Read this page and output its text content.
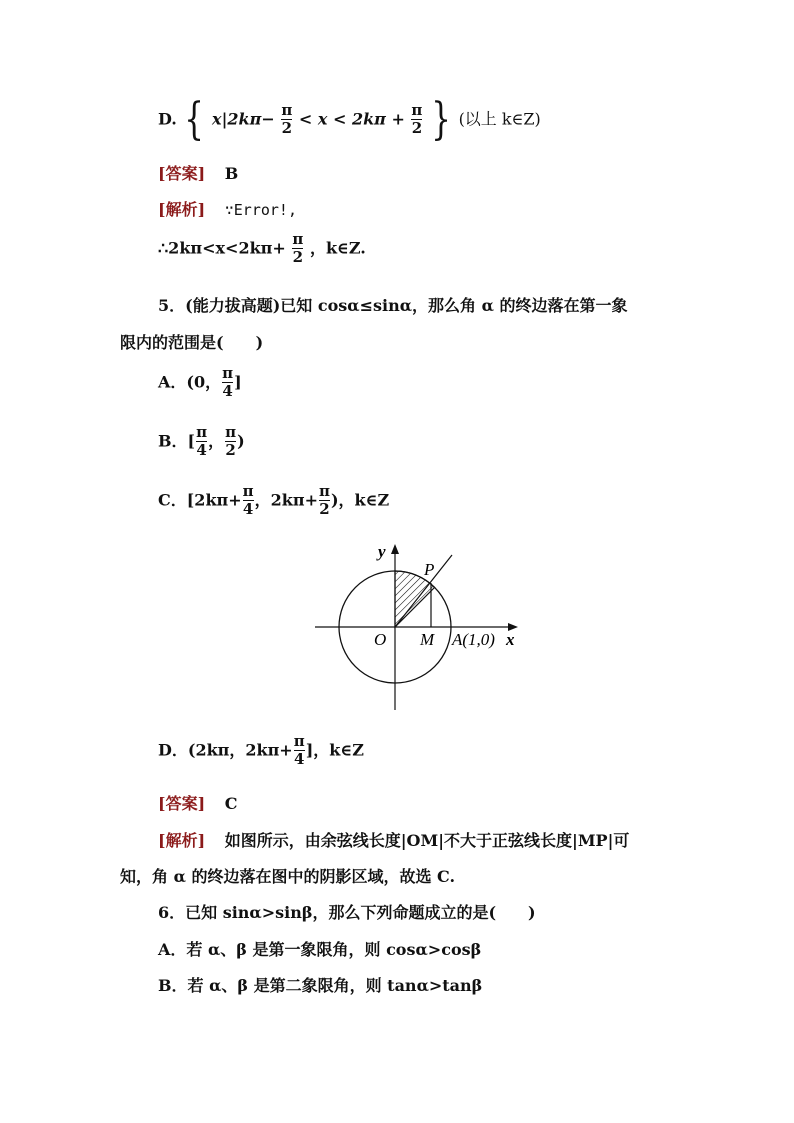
D. { $x|2k\pi- \frac{\pi}{2} < x < 2k\pi + \frac{\pi}{2}$ } (以上 k∈Z)
[答案] B
[解析] ∵Error!,
∴2kπ<x<2kπ+ $\frac{\pi}{2}$ ，k∈Z.
5．(能力拔高题)已知 cosα≤sinα，那么角 α 的终边落在第一象
限内的范围是(　　)
A．(0， $\frac{\pi}{4}$ ]
B．[ $\frac{\pi}{4}$ ， $\frac{\pi}{2}$ )
C．[$2k\pi+ \frac{\pi}{4}$ ，$2k\pi+ \frac{\pi}{2}$ )，k∈Z
y
x
O M
P
A(1,0)
D．(2kπ，$2k\pi+ \frac{\pi}{4}$ ]，k∈Z
[答案] C
[解析] 如图所示，由余弦线长度|OM|不大于正弦线长度|MP|可
知，角 α 的终边落在图中的阴影区域，故选 C.
6．已知 sinα>sinβ，那么下列命题成立的是(　　)
A．若 α、β 是第一象限角，则 cosα>cosβ
B．若 α、β 是第二象限角，则 tanα>tanβ
